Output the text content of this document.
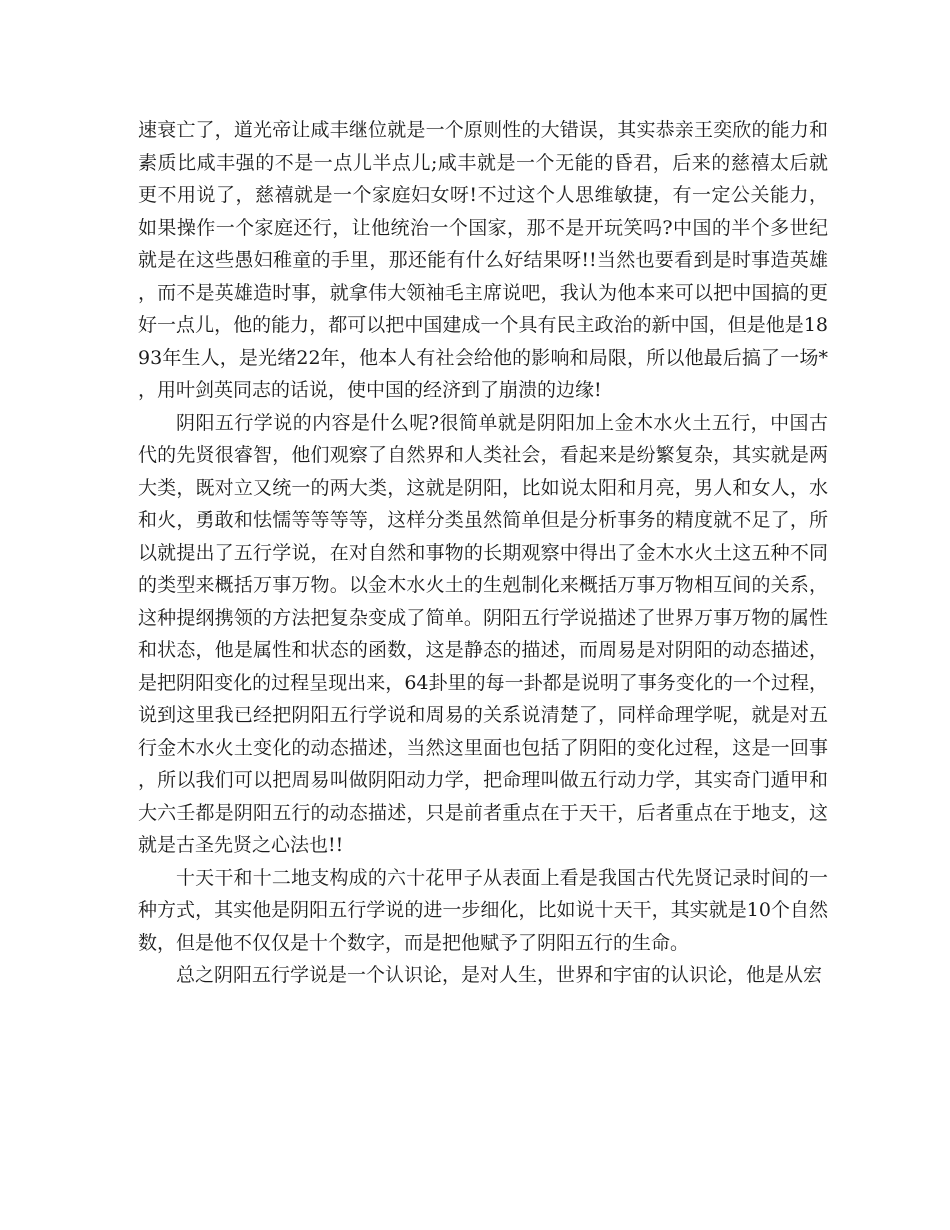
速衰亡了，道光帝让咸丰继位就是一个原则性的大错误，其实恭亲王奕欣的能力和素质比咸丰强的不是一点儿半点儿;咸丰就是一个无能的昏君，后来的慈禧太后就更不用说了，慈禧就是一个家庭妇女呀!不过这个人思维敏捷，有一定公关能力，如果操作一个家庭还行，让他统治一个国家，那不是开玩笑吗?中国的半个多世纪就是在这些愚妇稚童的手里，那还能有什么好结果呀!!当然也要看到是时事造英雄，而不是英雄造时事，就拿伟大领袖毛主席说吧，我认为他本来可以把中国搞的更好一点儿，他的能力，都可以把中国建成一个具有民主政治的新中国，但是他是1893年生人，是光绪22年，他本人有社会给他的影响和局限，所以他最后搞了一场*，用叶剑英同志的话说，使中国的经济到了崩溃的边缘!

阴阳五行学说的内容是什么呢?很简单就是阴阳加上金木水火土五行，中国古代的先贤很睿智，他们观察了自然界和人类社会，看起来是纷繁复杂，其实就是两大类，既对立又统一的两大类，这就是阴阳，比如说太阳和月亮，男人和女人，水和火，勇敢和怯懦等等等等，这样分类虽然简单但是分析事务的精度就不足了，所以就提出了五行学说，在对自然和事物的长期观察中得出了金木水火土这五种不同的类型来概括万事万物。以金木水火土的生剋制化来概括万事万物相互间的关系，这种提纲携领的方法把复杂变成了简单。阴阳五行学说描述了世界万事万物的属性和状态，他是属性和状态的函数，这是静态的描述，而周易是对阴阳的动态描述，是把阴阳变化的过程呈现出来，64卦里的每一卦都是说明了事务变化的一个过程，说到这里我已经把阴阳五行学说和周易的关系说清楚了，同样命理学呢，就是对五行金木水火土变化的动态描述，当然这里面也包括了阴阳的变化过程，这是一回事，所以我们可以把周易叫做阴阳动力学，把命理叫做五行动力学，其实奇门遁甲和大六壬都是阴阳五行的动态描述，只是前者重点在于天干，后者重点在于地支，这就是古圣先贤之心法也!!

十天干和十二地支构成的六十花甲子从表面上看是我国古代先贤记录时间的一种方式，其实他是阴阳五行学说的进一步细化，比如说十天干，其实就是10个自然数，但是他不仅仅是十个数字，而是把他赋予了阴阳五行的生命。

总之阴阳五行学说是一个认识论，是对人生，世界和宇宙的认识论，他是从宏
